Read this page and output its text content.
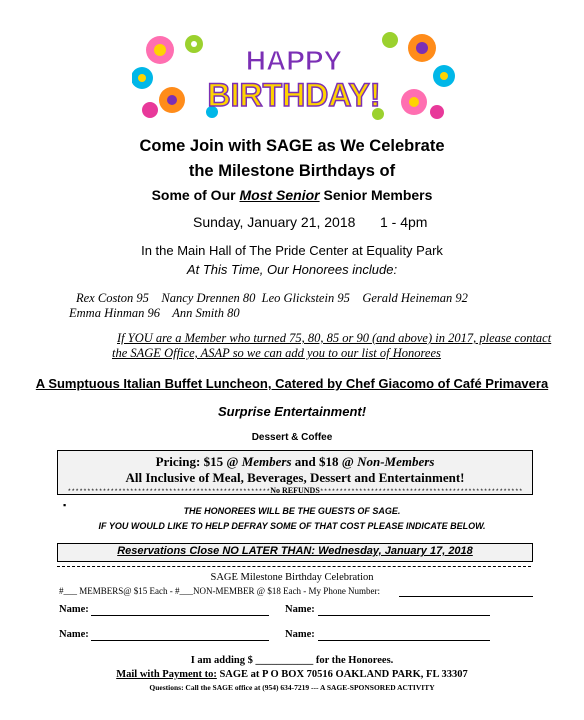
HAPPY
BIRTHDAY!
Come Join with SAGE as We Celebrate
the Milestone Birthdays of
Some of Our Most Senior Senior Members
Sunday, January 21, 2018 1 - 4pm
In the Main Hall of The Pride Center at Equality Park
At This Time, Our Honorees include:
Rex Coston 95 Nancy Drennen 80 Leo Glickstein 95 Gerald Heineman 92
Emma Hinman 96 Ann Smith 80
If YOU are a Member who turned 75, 80, 85 or 90 (and above) in 2017, please contact
the SAGE Office, ASAP so we can add you to our list of Honorees
A Sumptuous Italian Buffet Luncheon, Catered by Chef Giacomo of Café Primavera
Surprise Entertainment!
Dessert & Coffee
Pricing: $15 @ Members and $18 @ Non-Members
All Inclusive of Meal, Beverages, Dessert and Entertainment!
****************************************************No REFUNDS****************************************************
▪
THE HONOREES WILL BE THE GUESTS OF SAGE.
IF YOU WOULD LIKE TO HELP DEFRAY SOME OF THAT COST PLEASE INDICATE BELOW.
Reservations Close NO LATER THAN: Wednesday, January 17, 2018
SAGE Milestone Birthday Celebration
#___ MEMBERS@ $15 Each - #___NON-MEMBER @ $18 Each - My Phone Number:
Name:	Name:
Name:	Name:
I am adding $ ___________ for the Honorees.
Mail with Payment to: SAGE at P O BOX 70516 OAKLAND PARK, FL 33307
Questions: Call the SAGE office at (954) 634-7219 --- A SAGE-SPONSORED ACTIVITY
